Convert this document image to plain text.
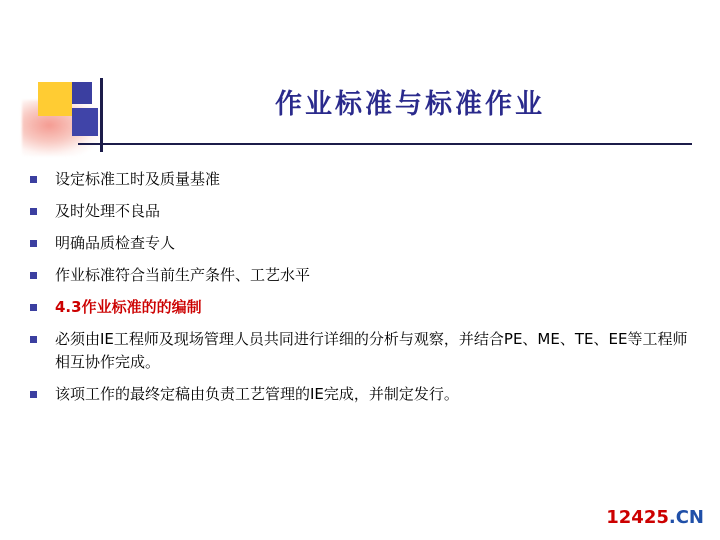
作业标准与标准作业
设定标准工时及质量基准
及时处理不良品
明确品质检查专人
作业标准符合当前生产条件、工艺水平
4.3作业标准的的编制
必须由IE工程师及现场管理人员共同进行详细的分析与观察，并结合PE、ME、TE、EE等工程师相互协作完成。
该项工作的最终定稿由负责工艺管理的IE完成，并制定发行。
12425.CN
